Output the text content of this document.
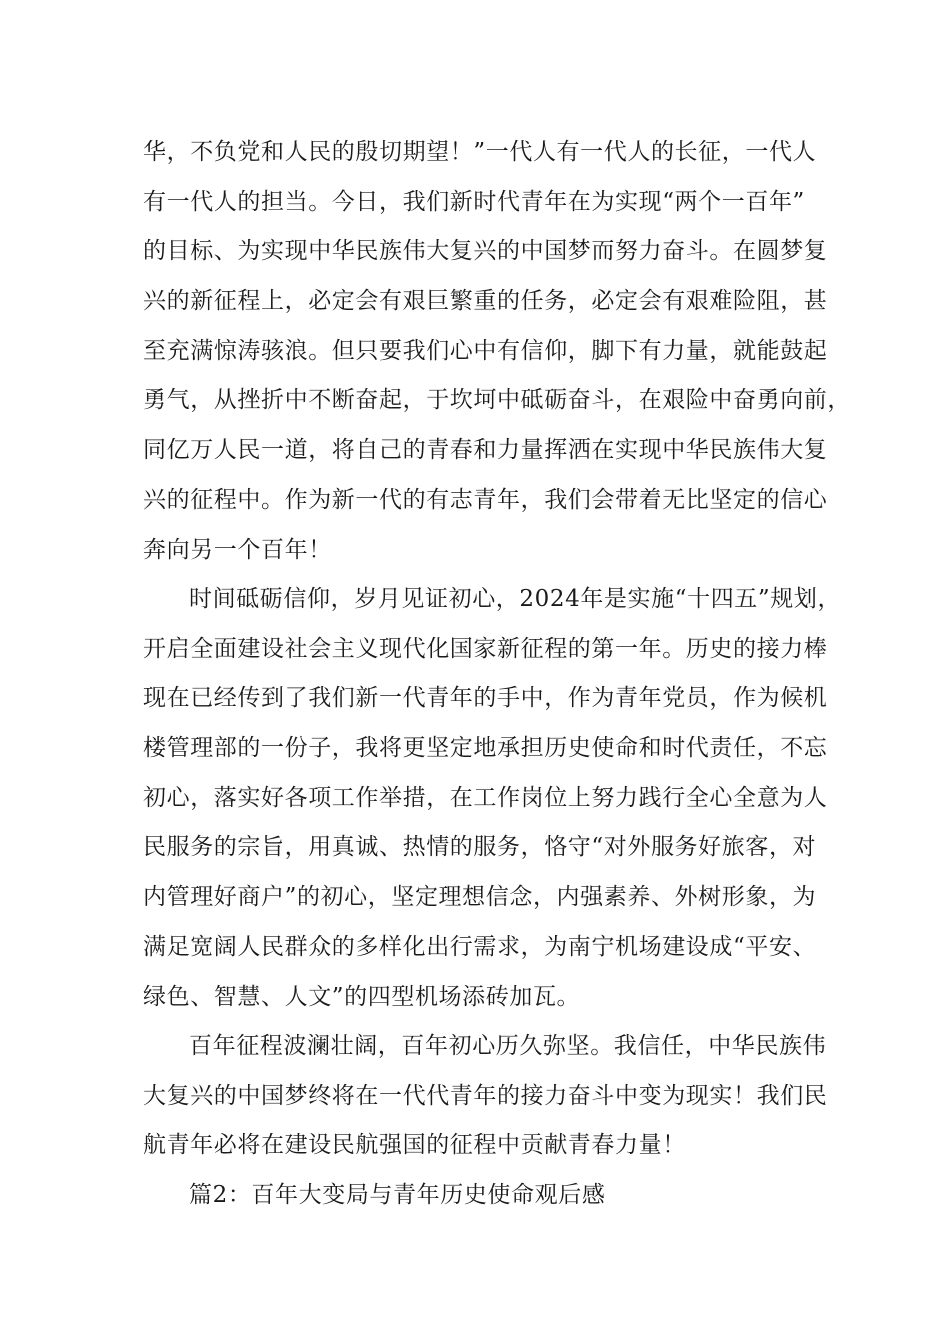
华，不负党和人民的殷切期望！”一代人有一代人的长征，一代人
有一代人的担当。今日，我们新时代青年在为实现“两个一百年”
的目标、为实现中华民族伟大复兴的中国梦而努力奋斗。在圆梦复
兴的新征程上，必定会有艰巨繁重的任务，必定会有艰难险阻，甚
至充满惊涛骇浪。但只要我们心中有信仰，脚下有力量，就能鼓起
勇气，从挫折中不断奋起，于坎坷中砥砺奋斗，在艰险中奋勇向前，
同亿万人民一道，将自己的青春和力量挥洒在实现中华民族伟大复
兴的征程中。作为新一代的有志青年，我们会带着无比坚定的信心
奔向另一个百年！
时间砥砺信仰，岁月见证初心，2024年是实施“十四五”规划，
开启全面建设社会主义现代化国家新征程的第一年。历史的接力棒
现在已经传到了我们新一代青年的手中，作为青年党员，作为候机
楼管理部的一份子，我将更坚定地承担历史使命和时代责任，不忘
初心，落实好各项工作举措，在工作岗位上努力践行全心全意为人
民服务的宗旨，用真诚、热情的服务，恪守“对外服务好旅客，对
内管理好商户”的初心，坚定理想信念，内强素养、外树形象，为
满足宽阔人民群众的多样化出行需求，为南宁机场建设成“平安、
绿色、智慧、人文”的四型机场添砖加瓦。
百年征程波澜壮阔，百年初心历久弥坚。我信任，中华民族伟
大复兴的中国梦终将在一代代青年的接力奋斗中变为现实！我们民
航青年必将在建设民航强国的征程中贡献青春力量！
篇2：百年大变局与青年历史使命观后感
